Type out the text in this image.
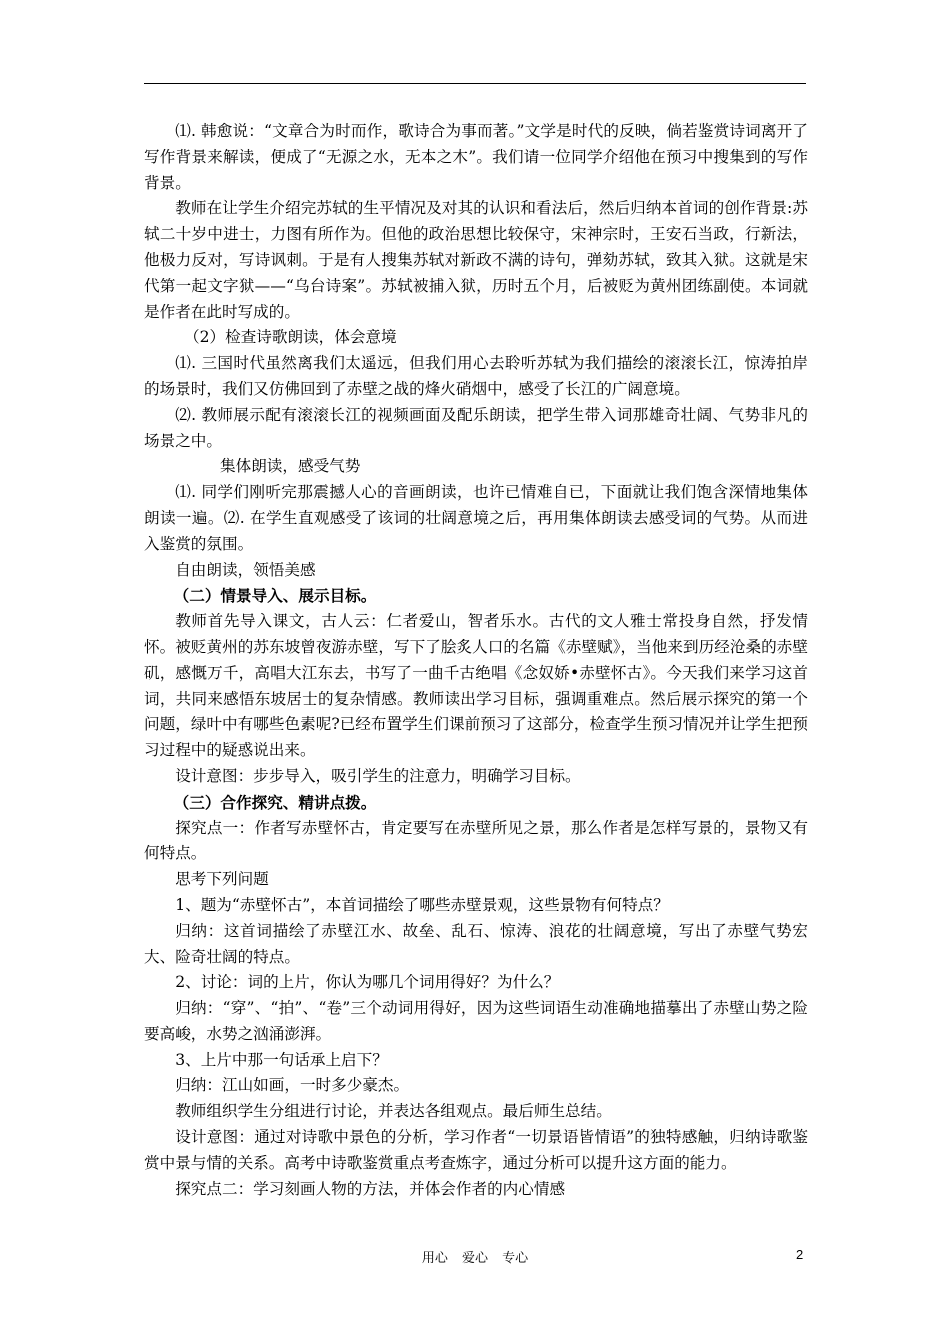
⑴. 韩愈说：“文章合为时而作，歌诗合为事而著。”文学是时代的反映，倘若鉴赏诗词离开了写作背景来解读，便成了“无源之水，无本之木”。我们请一位同学介绍他在预习中搜集到的写作背景。

教师在让学生介绍完苏轼的生平情况及对其的认识和看法后，然后归纳本首词的创作背景:苏轼二十岁中进士，力图有所作为。但他的政治思想比较保守，宋神宗时，王安石当政，行新法，他极力反对，写诗讽刺。于是有人搜集苏轼对新政不满的诗句，弹劾苏轼，致其入狱。这就是宋代第一起文字狱——“乌台诗案”。苏轼被捕入狱，历时五个月，后被贬为黄州团练副使。本词就是作者在此时写成的。

（2）检查诗歌朗读，体会意境

⑴. 三国时代虽然离我们太遥远，但我们用心去聆听苏轼为我们描绘的滚滚长江，惊涛拍岸的场景时，我们又仿佛回到了赤壁之战的烽火硝烟中，感受了长江的广阔意境。

⑵. 教师展示配有滚滚长江的视频画面及配乐朗读，把学生带入词那雄奇壮阔、气势非凡的场景之中。

集体朗读，感受气势

⑴. 同学们刚听完那震撼人心的音画朗读，也许已情难自已，下面就让我们饱含深情地集体朗读一遍。⑵. 在学生直观感受了该词的壮阔意境之后，再用集体朗读去感受词的气势。从而进入鉴赏的氛围。

自由朗读，领悟美感

（二）情景导入、展示目标。

教师首先导入课文，古人云：仁者爱山，智者乐水。古代的文人雅士常投身自然，抒发情怀。被贬黄州的苏东坡曾夜游赤壁，写下了脍炙人口的名篇《赤壁赋》，当他来到历经沧桑的赤壁矶，感慨万千，高唱大江东去，书写了一曲千古绝唱《念奴娇•赤壁怀古》。今天我们来学习这首词，共同来感悟东坡居士的复杂情感。教师读出学习目标，强调重难点。然后展示探究的第一个问题，绿叶中有哪些色素呢?已经布置学生们课前预习了这部分，检查学生预习情况并让学生把预习过程中的疑惑说出来。

设计意图：步步导入，吸引学生的注意力，明确学习目标。

（三）合作探究、精讲点拨。

探究点一：作者写赤壁怀古，肯定要写在赤壁所见之景，那么作者是怎样写景的，景物又有何特点。

思考下列问题

1、题为“赤壁怀古”，本首词描绘了哪些赤壁景观，这些景物有何特点？

归纳：这首词描绘了赤壁江水、故垒、乱石、惊涛、浪花的壮阔意境，写出了赤壁气势宏大、险奇壮阔的特点。

2、讨论：词的上片，你认为哪几个词用得好？为什么？

归纳：“穿”、“拍”、“卷”三个动词用得好，因为这些词语生动准确地描摹出了赤壁山势之险要高峻，水势之汹涌澎湃。

3、上片中那一句话承上启下？

归纳：江山如画，一时多少豪杰。

教师组织学生分组进行讨论，并表达各组观点。最后师生总结。

设计意图：通过对诗歌中景色的分析，学习作者“一切景语皆情语”的独特感触，归纳诗歌鉴赏中景与情的关系。高考中诗歌鉴赏重点考查炼字，通过分析可以提升这方面的能力。

探究点二：学习刻画人物的方法，并体会作者的内心情感

用心 爱心 专心	2
